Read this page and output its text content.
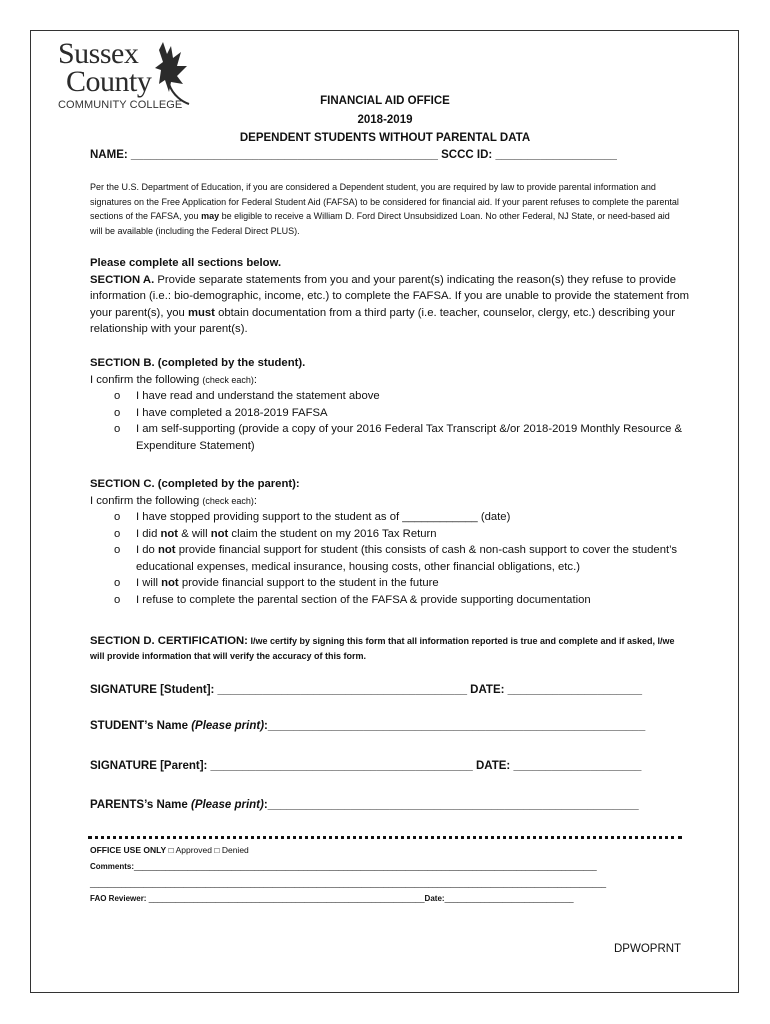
Sussex
County
COMMUNITY COLLEGE	FINANCIAL AID OFFICE
2018-2019
DEPENDENT STUDENTS WITHOUT PARENTAL DATA
NAME: ________________________________________________ SCCC ID: ___________________
Per the U.S. Department of Education, if you are considered a Dependent student, you are required by law to provide parental information and signatures on the Free Application for Federal Student Aid (FAFSA) to be considered for financial aid. If your parent refuses to complete the parental sections of the FAFSA, you may be eligible to receive a William D. Ford Direct Unsubsidized Loan. No other Federal, NJ State, or need-based aid will be available (including the Federal Direct PLUS).
Please complete all sections below.
SECTION A. Provide separate statements from you and your parent(s) indicating the reason(s) they refuse to provide information (i.e.: bio-demographic, income, etc.) to complete the FAFSA. If you are unable to provide the statement from your parent(s), you must obtain documentation from a third party (i.e. teacher, counselor, clergy, etc.) describing your relationship with your parent(s).
SECTION B. (completed by the student).
I confirm the following (check each):
o I have read and understand the statement above
o I have completed a 2018-2019 FAFSA
o I am self-supporting (provide a copy of your 2016 Federal Tax Transcript &/or 2018-2019 Monthly Resource & Expenditure Statement)
SECTION C. (completed by the parent):
I confirm the following (check each):
o I have stopped providing support to the student as of ____________ (date)
o I did not & will not claim the student on my 2016 Tax Return
o I do not provide financial support for student (this consists of cash & non-cash support to cover the student’s educational expenses, medical insurance, housing costs, other financial obligations, etc.)
o I will not provide financial support to the student in the future
o I refuse to complete the parental section of the FAFSA & provide supporting documentation
SECTION D. CERTIFICATION: I/we certify by signing this form that all information reported is true and complete and if asked, I/we will provide information that will verify the accuracy of this form.
SIGNATURE [Student]: _______________________________________ DATE: _____________________
STUDENT’s Name (Please print):___________________________________________________________
SIGNATURE [Parent]: _________________________________________ DATE: ____________________
PARENTS’s Name (Please print):__________________________________________________________
OFFICE USE ONLY □ Approved □ Denied
Comments:________________________________________________________________________________________________________
____________________________________________________________________________________________________________________
FAO Reviewer: ______________________________________________________________Date:_____________________________
DPWOPRNT
